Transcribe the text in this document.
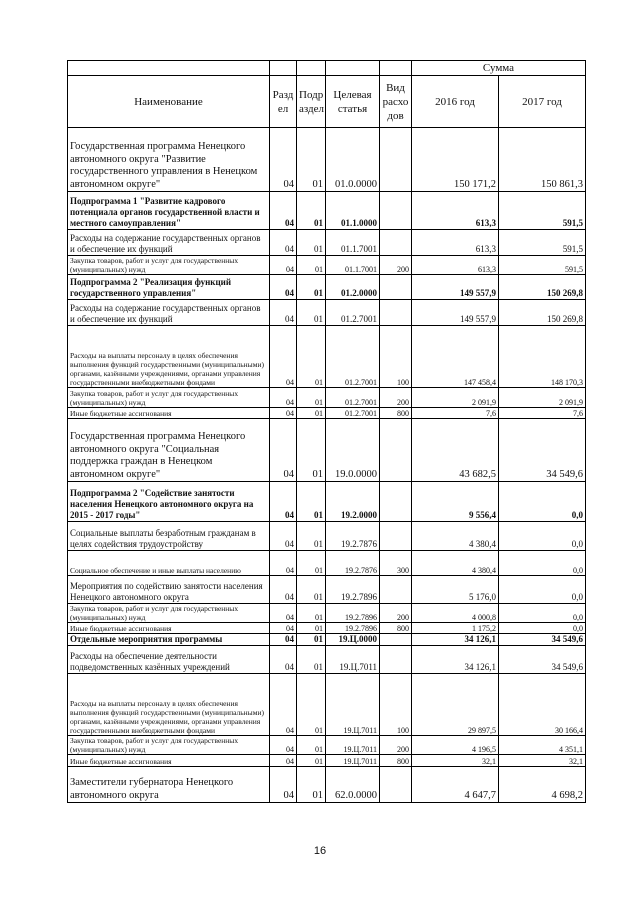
					Сумма	
Наименование	Разд ел	Подр аздел	Целевая статья	Вид расхо дов	2016 год	2017 год
Государственная программа Ненецкого автономного округа "Развитие государственного управления в Ненецком автономном округе"	04	01	01.0.0000		150 171,2	150 861,3
Подпрограмма 1 "Развитие кадрового потенциала органов государственной власти и местного самоуправления"	04	01	01.1.0000		613,3	591,5
Расходы на содержание государственных органов и обеспечение их функций	04	01	01.1.7001		613,3	591,5
Закупка товаров, работ и услуг для государственных (муниципальных) нужд	04	01	01.1.7001	200	613,3	591,5
Подпрограмма 2 "Реализация функций государственного управления"	04	01	01.2.0000		149 557,9	150 269,8
Расходы на содержание государственных органов и обеспечение их функций	04	01	01.2.7001		149 557,9	150 269,8
Расходы на выплаты персоналу в целях обеспечения выполнения функций государственными (муниципальными) органами, казёнными учреждениями, органами управления государственными внебюджетными фондами	04	01	01.2.7001	100	147 458,4	148 170,3
Закупка товаров, работ и услуг для государственных (муниципальных) нужд	04	01	01.2.7001	200	2 091,9	2 091,9
Иные бюджетные ассигнования	04	01	01.2.7001	800	7,6	7,6
Государственная программа Ненецкого автономного округа "Социальная поддержка граждан в Ненецком автономном округе"	04	01	19.0.0000		43 682,5	34 549,6
Подпрограмма 2 "Содействие занятости населения Ненецкого автономного округа на 2015 - 2017 годы"	04	01	19.2.0000		9 556,4	0,0
Социальные выплаты безработным гражданам в целях содействия трудоустройству	04	01	19.2.7876		4 380,4	0,0
Социальное обеспечение и иные выплаты населению	04	01	19.2.7876	300	4 380,4	0,0
Мероприятия по содействию занятости населения Ненецкого автономного округа	04	01	19.2.7896		5 176,0	0,0
Закупка товаров, работ и услуг для государственных (муниципальных) нужд	04	01	19.2.7896	200	4 000,8	0,0
Иные бюджетные ассигнования	04	01	19.2.7896	800	1 175,2	0,0
Отдельные мероприятия программы	04	01	19.Ц.0000		34 126,1	34 549,6
Расходы на обеспечение деятельности подведомственных казённых учреждений	04	01	19.Ц.7011		34 126,1	34 549,6
Расходы на выплаты персоналу в целях обеспечения выполнения функций государственными (муниципальными) органами, казёнными учреждениями, органами управления государственными внебюджетными фондами	04	01	19.Ц.7011	100	29 897,5	30 166,4
Закупка товаров, работ и услуг для государственных (муниципальных) нужд	04	01	19.Ц.7011	200	4 196,5	4 351,1
Иные бюджетные ассигнования	04	01	19.Ц.7011	800	32,1	32,1
Заместители губернатора Ненецкого автономного округа	04	01	62.0.0000		4 647,7	4 698,2
16
